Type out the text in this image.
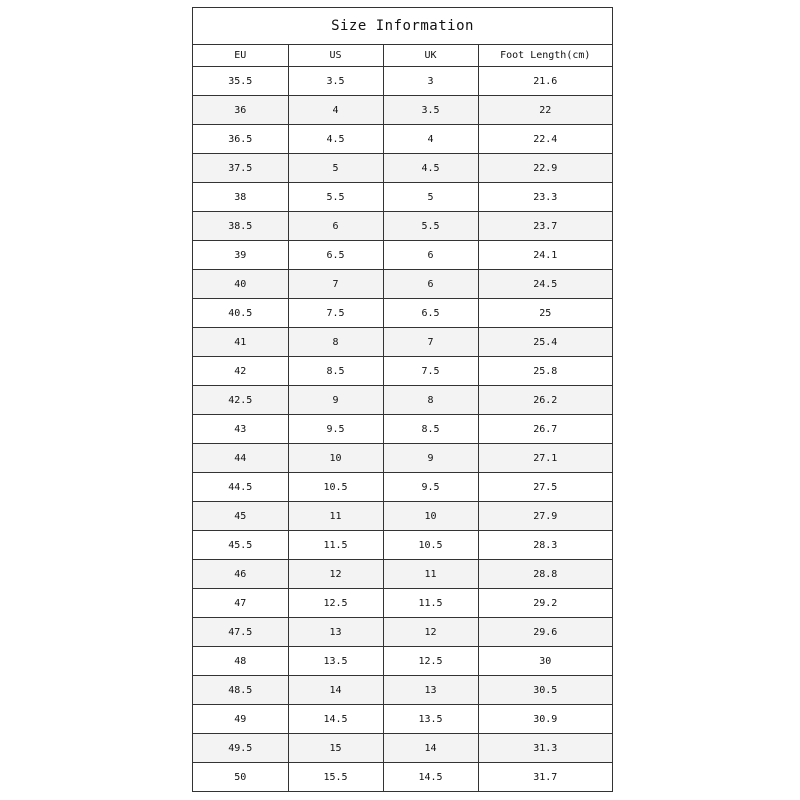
Size Information
EU	US	UK	Foot Length(cm)
35.5	3.5	3	21.6
36	4	3.5	22
36.5	4.5	4	22.4
37.5	5	4.5	22.9
38	5.5	5	23.3
38.5	6	5.5	23.7
39	6.5	6	24.1
40	7	6	24.5
40.5	7.5	6.5	25
41	8	7	25.4
42	8.5	7.5	25.8
42.5	9	8	26.2
43	9.5	8.5	26.7
44	10	9	27.1
44.5	10.5	9.5	27.5
45	11	10	27.9
45.5	11.5	10.5	28.3
46	12	11	28.8
47	12.5	11.5	29.2
47.5	13	12	29.6
48	13.5	12.5	30
48.5	14	13	30.5
49	14.5	13.5	30.9
49.5	15	14	31.3
50	15.5	14.5	31.7
